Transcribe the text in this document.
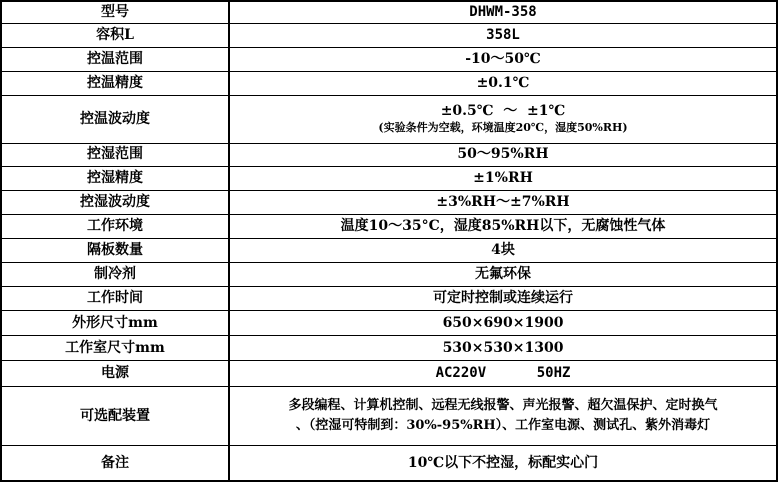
型号	DHWM-358
容积L	358L
控温范围	-10～50℃
控温精度	±0.1℃
控温波动度	±0.5℃  ～  ±1℃
(实验条件为空载，环境温度20℃，湿度50%RH)

控湿范围	50～95%RH
控湿精度	±1%RH
控湿波动度	±3%RH～±7%RH
工作环境	温度10～35°C，湿度85%RH以下，无腐蚀性气体
隔板数量	4块
制冷剂	无氟环保
工作时间	可定时控制或连续运行
外形尺寸mm	650×690×1900
工作室尺寸mm	530×530×1300
电源	AC220V      50HZ
可选配装置	多段编程、计算机控制、远程无线报警、声光报警、超欠温保护、定时换气
、（控湿可特制到：30%-95%RH）、工作室电源、测试孔、紫外消毒灯

备注	10℃以下不控湿，标配实心门
